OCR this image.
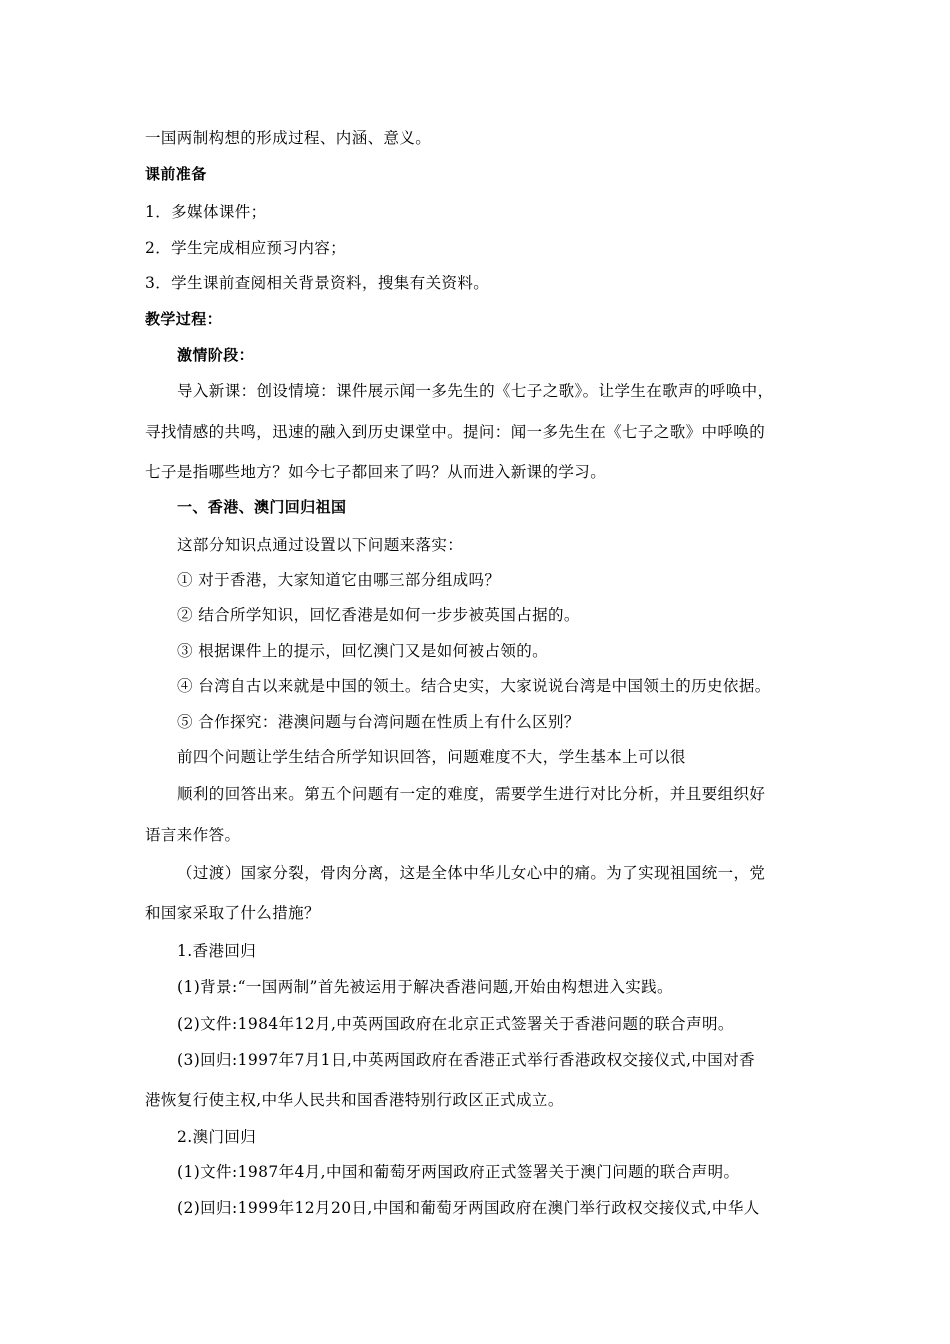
一国两制构想的形成过程、内涵、意义。
课前准备
1．多媒体课件；
2．学生完成相应预习内容；
3．学生课前查阅相关背景资料，搜集有关资料。
教学过程：
激情阶段：
导入新课：创设情境：课件展示闻一多先生的《七子之歌》。让学生在歌声的呼唤中，
寻找情感的共鸣，迅速的融入到历史课堂中。提问：闻一多先生在《七子之歌》中呼唤的
七子是指哪些地方？如今七子都回来了吗？从而进入新课的学习。
一、香港、澳门回归祖国
这部分知识点通过设置以下问题来落实：
① 对于香港，大家知道它由哪三部分组成吗？
② 结合所学知识，回忆香港是如何一步步被英国占据的。
③ 根据课件上的提示，回忆澳门又是如何被占领的。
④ 台湾自古以来就是中国的领土。结合史实，大家说说台湾是中国领土的历史依据。
⑤ 合作探究：港澳问题与台湾问题在性质上有什么区别？
前四个问题让学生结合所学知识回答，问题难度不大，学生基本上可以很
顺利的回答出来。第五个问题有一定的难度，需要学生进行对比分析，并且要组织好
语言来作答。
（过渡）国家分裂，骨肉分离，这是全体中华儿女心中的痛。为了实现祖国统一，党
和国家采取了什么措施？
1.香港回归
(1)背景:“一国两制”首先被运用于解决香港问题,开始由构想进入实践。
(2)文件:1984年12月,中英两国政府在北京正式签署关于香港问题的联合声明。
(3)回归:1997年7月1日,中英两国政府在香港正式举行香港政权交接仪式,中国对香
港恢复行使主权,中华人民共和国香港特别行政区正式成立。
2.澳门回归
(1)文件:1987年4月,中国和葡萄牙两国政府正式签署关于澳门问题的联合声明。
(2)回归:1999年12月20日,中国和葡萄牙两国政府在澳门举行政权交接仪式,中华人
